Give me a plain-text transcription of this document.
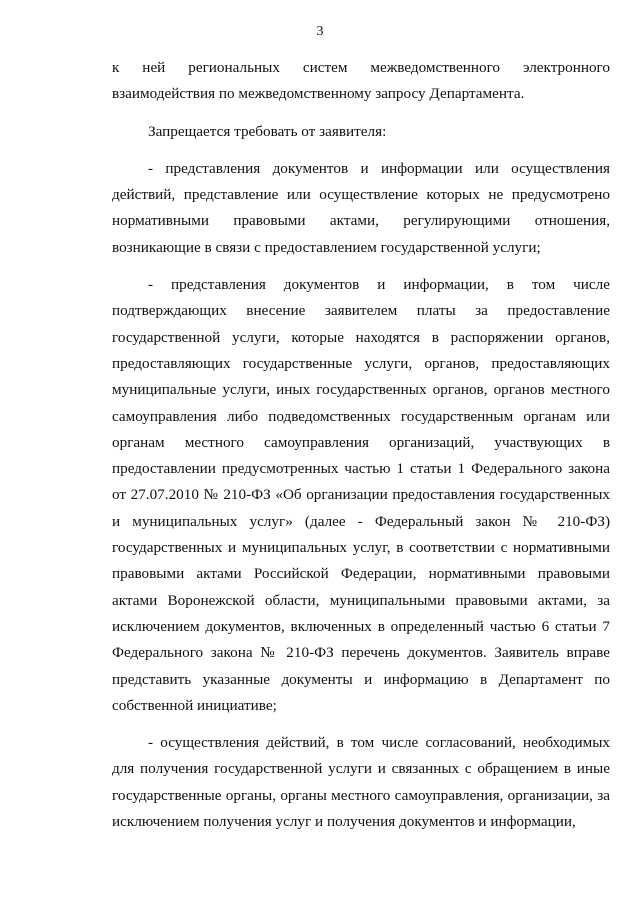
3

к ней региональных систем межведомственного электронного взаимодействия по межведомственному запросу Департамента.

Запрещается требовать от заявителя:

- представления документов и информации или осуществления действий, представление или осуществление которых не предусмотрено нормативными правовыми актами, регулирующими отношения, возникающие в связи с предоставлением государственной услуги;

- представления документов и информации, в том числе подтверждающих внесение заявителем платы за предоставление государственной услуги, которые находятся в распоряжении органов, предоставляющих государственные услуги, органов, предоставляющих муниципальные услуги, иных государственных органов, органов местного самоуправления либо подведомственных государственным органам или органам местного самоуправления организаций, участвующих в предоставлении предусмотренных частью 1 статьи 1 Федерального закона от 27.07.2010 № 210-ФЗ «Об организации предоставления государственных и муниципальных услуг» (далее - Федеральный закон № 210-ФЗ) государственных и муниципальных услуг, в соответствии с нормативными правовыми актами Российской Федерации, нормативными правовыми актами Воронежской области, муниципальными правовыми актами, за исключением документов, включенных в определенный частью 6 статьи 7 Федерального закона № 210-ФЗ перечень документов. Заявитель вправе представить указанные документы и информацию в Департамент по собственной инициативе;

- осуществления действий, в том числе согласований, необходимых для получения государственной услуги и связанных с обращением в иные государственные органы, органы местного самоуправления, организации, за исключением получения услуг и получения документов и информации,
